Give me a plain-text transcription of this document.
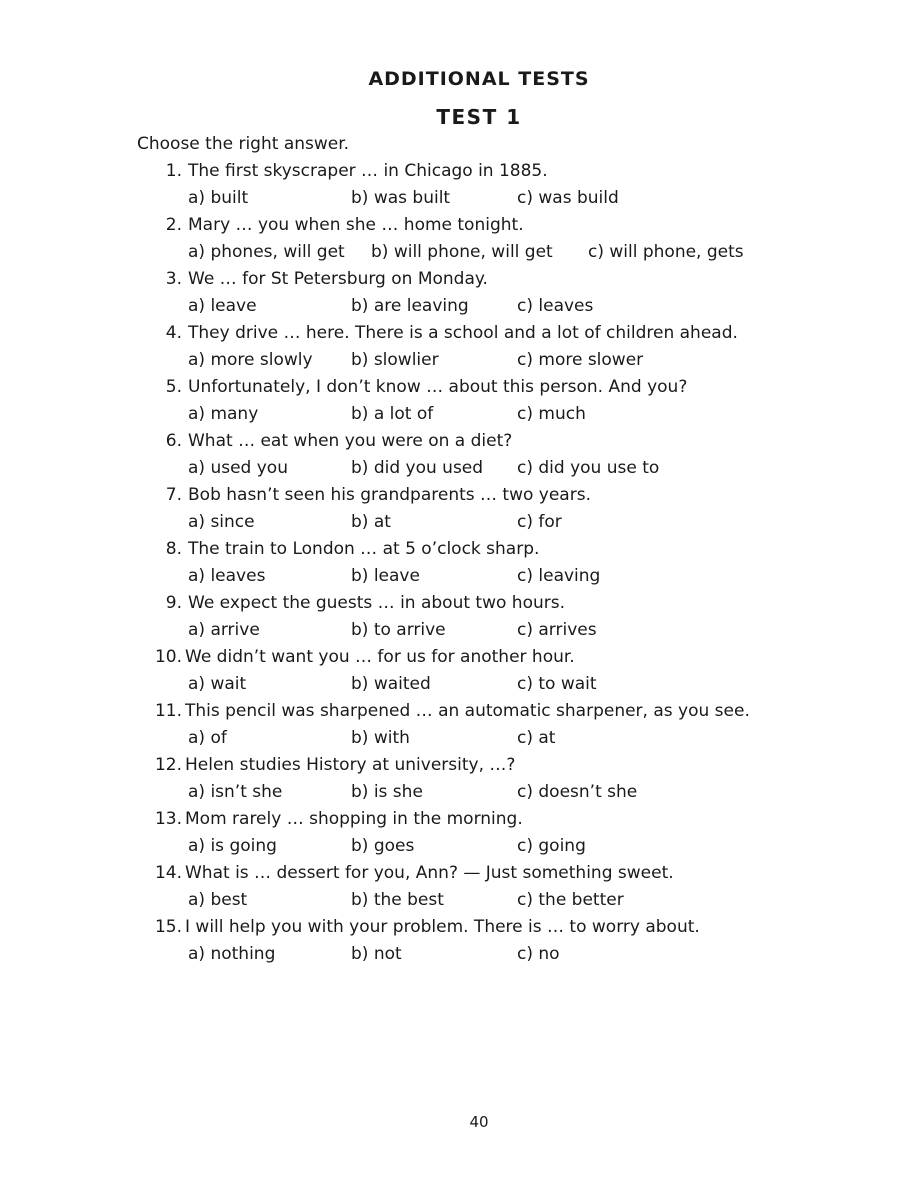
ADDITIONAL TESTS
TEST 1
Choose the right answer.
1. The first skyscraper … in Chicago in 1885.
a) built	b) was built	c) was build
2. Mary … you when she … home tonight.
a) phones, will get b) will phone, will get c) will phone, gets
3. We … for St Petersburg on Monday.
a) leave	b) are leaving	c) leaves
4. They drive … here. There is a school and a lot of children ahead.
a) more slowly b) slowlier	c) more slower
5. Unfortunately, I don’t know … about this person. And you?
a) many	b) a lot of	c) much
6. What … eat when you were on a diet?
a) used you	b) did you used c) did you use to
7. Bob hasn’t seen his grandparents … two years.
a) since	b) at	c) for
8. The train to London … at 5 o’clock sharp.
a) leaves	b) leave	c) leaving
9. We expect the guests … in about two hours.
a) arrive	b) to arrive	c) arrives
10. We didn’t want you … for us for another hour.
a) wait	b) waited	c) to wait
11. This pencil was sharpened … an automatic sharpener, as you see.
a) of	b) with	c) at
12. Helen studies History at university, …?
a) isn’t she	b) is she	c) doesn’t she
13. Mom rarely … shopping in the morning.
a) is going	b) goes	c) going
14. What is … dessert for you, Ann? — Just something sweet.
a) best	b) the best	c) the better
15. I will help you with your problem. There is … to worry about.
a) nothing	b) not	c) no
40
